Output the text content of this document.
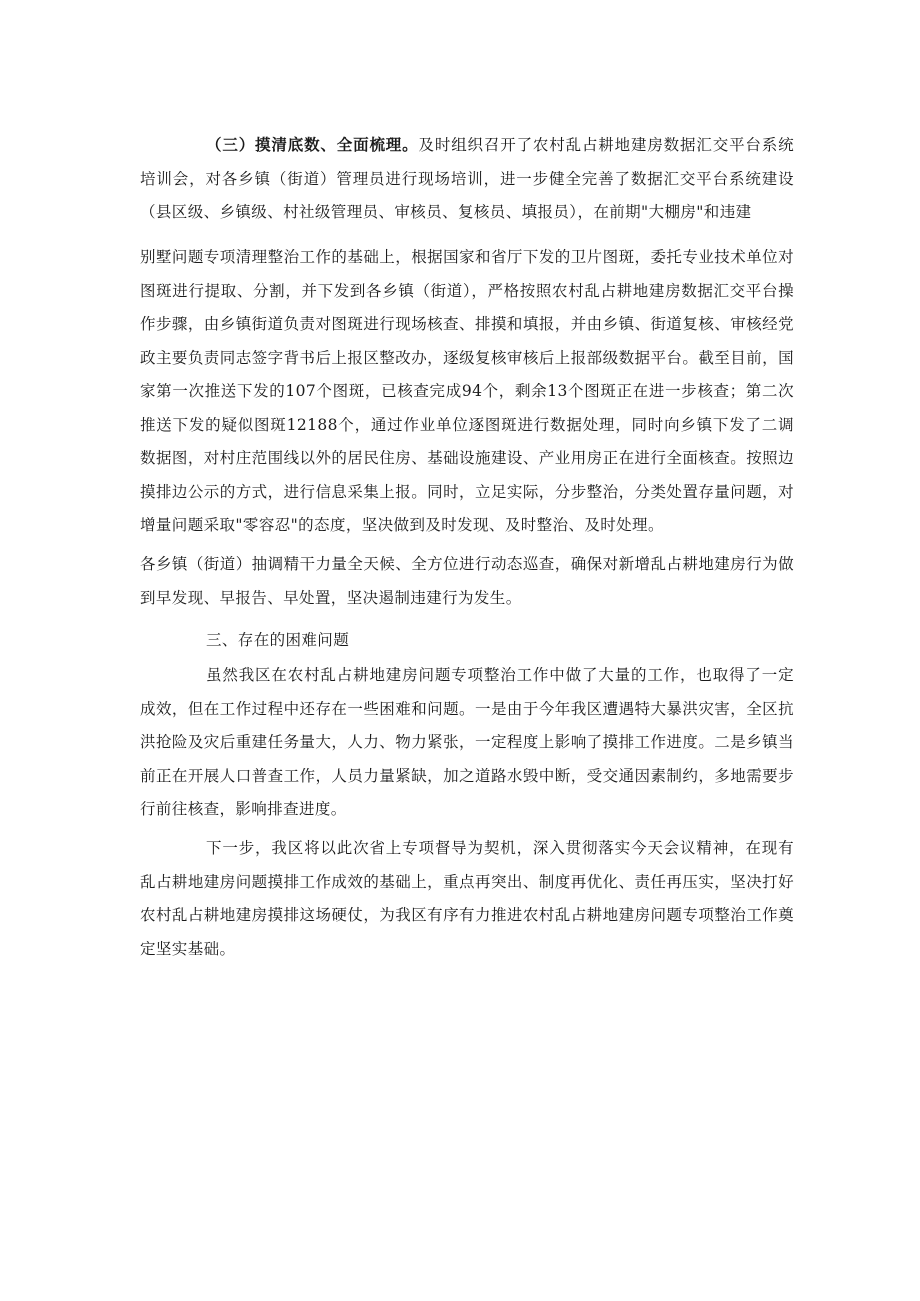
（三）摸清底数、全面梳理。及时组织召开了农村乱占耕地建房数据汇交平台系统培训会，对各乡镇（街道）管理员进行现场培训，进一步健全完善了数据汇交平台系统建设（县区级、乡镇级、村社级管理员、审核员、复核员、填报员），在前期"大棚房"和违建

别墅问题专项清理整治工作的基础上，根据国家和省厅下发的卫片图斑，委托专业技术单位对图斑进行提取、分割，并下发到各乡镇（街道），严格按照农村乱占耕地建房数据汇交平台操作步骤，由乡镇街道负责对图斑进行现场核查、排摸和填报，并由乡镇、街道复核、审核经党政主要负责同志签字背书后上报区整改办，逐级复核审核后上报部级数据平台。截至目前，国家第一次推送下发的107个图斑，已核查完成94个，剩余13个图斑正在进一步核查；第二次推送下发的疑似图斑12188个，通过作业单位逐图斑进行数据处理，同时向乡镇下发了二调数据图，对村庄范围线以外的居民住房、基础设施建设、产业用房正在进行全面核查。按照边摸排边公示的方式，进行信息采集上报。同时，立足实际，分步整治，分类处置存量问题，对增量问题采取"零容忍"的态度，坚决做到及时发现、及时整治、及时处理。

各乡镇（街道）抽调精干力量全天候、全方位进行动态巡查，确保对新增乱占耕地建房行为做到早发现、早报告、早处置，坚决遏制违建行为发生。

三、存在的困难问题

虽然我区在农村乱占耕地建房问题专项整治工作中做了大量的工作，也取得了一定成效，但在工作过程中还存在一些困难和问题。一是由于今年我区遭遇特大暴洪灾害，全区抗洪抢险及灾后重建任务量大，人力、物力紧张，一定程度上影响了摸排工作进度。二是乡镇当前正在开展人口普查工作，人员力量紧缺，加之道路水毁中断，受交通因素制约，多地需要步行前往核查，影响排查进度。

下一步，我区将以此次省上专项督导为契机，深入贯彻落实今天会议精神，在现有乱占耕地建房问题摸排工作成效的基础上，重点再突出、制度再优化、责任再压实，坚决打好农村乱占耕地建房摸排这场硬仗，为我区有序有力推进农村乱占耕地建房问题专项整治工作奠定坚实基础。
